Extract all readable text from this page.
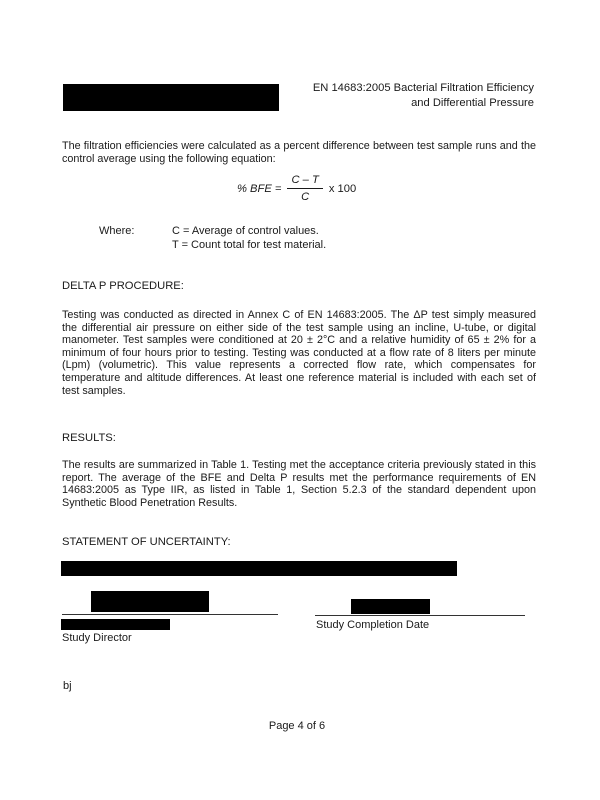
EN 14683:2005 Bacterial Filtration Efficiency
and Differential Pressure
The filtration efficiencies were calculated as a percent difference between test sample runs and the control average using the following equation:
% BFE = $\frac{C - T}{C}$ x 100
Where:	C = Average of control values.
T = Count total for test material.
DELTA P PROCEDURE:
Testing was conducted as directed in Annex C of EN 14683:2005. The ΔP test simply measured the differential air pressure on either side of the test sample using an incline, U-tube, or digital manometer. Test samples were conditioned at 20 ± 2°C and a relative humidity of 65 ± 2% for a minimum of four hours prior to testing. Testing was conducted at a flow rate of 8 liters per minute (Lpm) (volumetric). This value represents a corrected flow rate, which compensates for temperature and altitude differences. At least one reference material is included with each set of test samples.
RESULTS:
The results are summarized in Table 1. Testing met the acceptance criteria previously stated in this report. The average of the BFE and Delta P results met the performance requirements of EN 14683:2005 as Type IIR, as listed in Table 1, Section 5.2.3 of the standard dependent upon Synthetic Blood Penetration Results.
STATEMENT OF UNCERTAINTY:
Study Director
Study Completion Date
bj
Page 4 of 6
